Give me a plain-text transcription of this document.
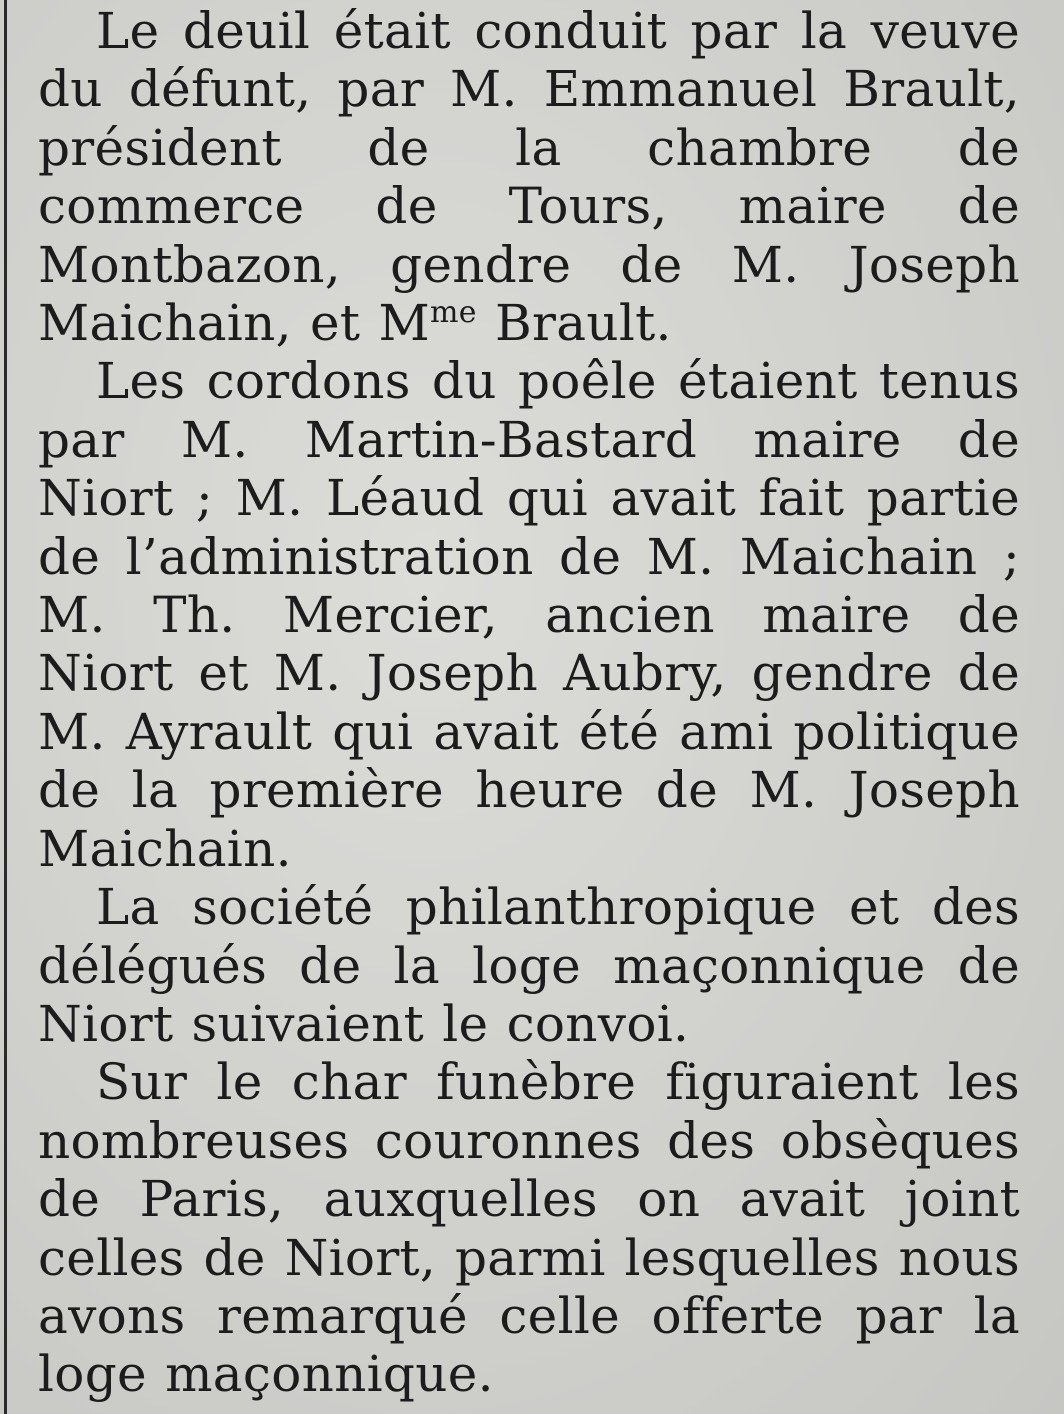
Le deuil était conduit par la veuve du défunt, par M. Emmanuel Brault, président de la chambre de commerce de Tours, maire de Montbazon, gendre de M. Joseph Maichain, et $M^{me}$ Brault.

Les cordons du poêle étaient tenus par M. Martin-Bastard maire de Niort ; M. Léaud qui avait fait partie de l’administration de M. Maichain ; M. Th. Mercier, ancien maire de Niort et M. Joseph Aubry, gendre de M. Ayrault qui avait été ami politique de la première heure de M. Joseph Maichain.

La société philanthropique et des délégués de la loge maçonnique de Niort suivaient le convoi.

Sur le char funèbre figuraient les nombreuses couronnes des obsèques de Paris, auxquelles on avait joint celles de Niort, parmi lesquelles nous avons remarqué celle offerte par la loge maçonnique.
